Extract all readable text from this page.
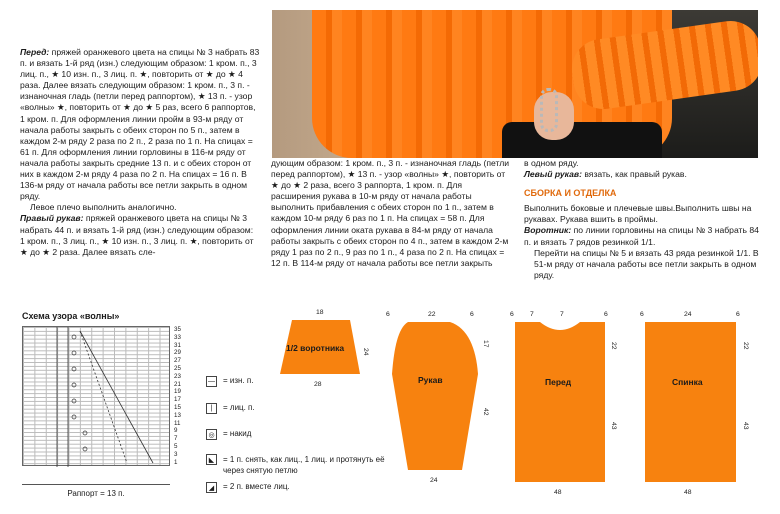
Перед: пряжей оранжевого цвета на спицы № 3 набрать 83 п. и вязать 1-й ряд (изн.) следующим образом: 1 кром. п., 3 лиц. п., ★ 10 изн. п., 3 лиц. п. ★, повторить от ★ до ★ 4 раза. Далее вязать следующим образом: 1 кром. п., 3 п. - изнаночная гладь (петли перед раппортом), ★ 13 п. - узор «волны» ★, повторить от ★ до ★ 5 раз, всего 6 раппортов, 1 кром. п. Для оформления линии пройм в 93-м ряду от начала работы закрыть с обеих сторон по 5 п., затем в каждом 2-м ряду 2 раза по 2 п., 2 раза по 1 п. На спицах = 61 п. Для оформления линии горловины в 116-м ряду от начала работы закрыть средние 13 п. и с обеих сторон от них в каждом 2-м ряду 4 раза по 2 п. На спицах = 16 п. В 136-м ряду от начала работы все петли закрыть в одном ряду.

Левое плечо выполнить аналогично.

Правый рукав: пряжей оранжевого цвета на спицы № 3 набрать 44 п. и вязать 1-й ряд (изн.) следующим образом: 1 кром. п., 3 лиц. п., ★ 10 изн. п., 3 лиц. п. ★, повторить от ★ до ★ 2 раза. Далее вязать сле-

дующим образом: 1 кром. п., 3 п. - изнаночная гладь (петли перед раппортом), ★ 13 п. - узор «волны» ★, повторить от ★ до ★ 2 раза, всего 3 раппорта, 1 кром. п. Для расширения рукава в 10-м ряду от начала работы выполнить прибавления с обеих сторон по 1 п., затем в каждом 10-м ряду 6 раз по 1 п. На спицах = 58 п. Для оформления линии оката рукава в 84-м ряду от начала работы закрыть с обеих сторон по 4 п., затем в каждом 2-м ряду 1 раз по 2 п., 9 раз по 1 п., 4 раза по 2 п. На спицах = 12 п. В 114-м ряду от начала работы все петли закрыть

в одном ряду.

Левый рукав: вязать, как правый рукав.

СБОРКА И ОТДЕЛКА

Выполнить боковые и плечевые швы.Выполнить швы на рукавах. Рукава вшить в проймы.

Воротник: по линии горловины на спицы № 3 набрать 84 п. и вязать 7 рядов резинкой 1/1.

Перейти на спицы № 5 и вязать 43 ряда резинкой 1/1. В 51-м ряду от начала работы все петли закрыть в одном ряду.

Схема узора «волны»
35
33
31
29
27
25
23
21
19
17
15
13
11
9
7
5
3
1
Раппорт = 13 п.
— = изн. п.
|	= лиц. п.
◎	= накид
◣	= 1 п. снять, как лиц., 1 лиц. и протянуть её через снятую петлю
◢	= 2 п. вместе лиц.
1/2 воротника
18
24
28	Рукав
6	22	6
17
42
24
Перед
6 7	7	6
22
43
48
Спинка
6	24	6
22
43
48
